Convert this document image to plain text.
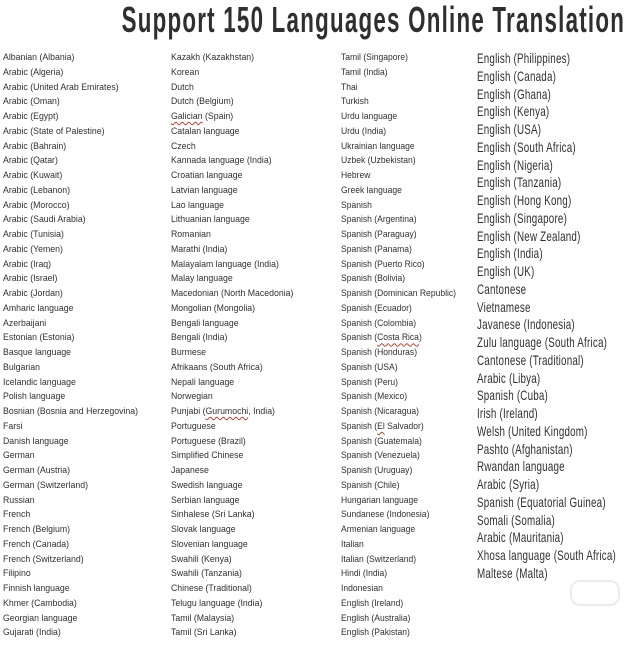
Support 150 Languages Online Translation
Albanian (Albania)
Arabic (Algeria)
Arabic (United Arab Emirates)
Arabic (Oman)
Arabic (Egypt)
Arabic (State of Palestine)
Arabic (Bahrain)
Arabic (Qatar)
Arabic (Kuwait)
Arabic (Lebanon)
Arabic (Morocco)
Arabic (Saudi Arabia)
Arabic (Tunisia)
Arabic (Yemen)
Arabic (Iraq)
Arabic (Israel)
Arabic (Jordan)
Amharic language
Azerbaijani
Estonian (Estonia)
Basque language
Bulgarian
Icelandic language
Polish language
Bosnian (Bosnia and Herzegovina)
Farsi
Danish language
German
German (Austria)
German (Switzerland)
Russian
French
French (Belgium)
French (Canada)
French (Switzerland)
Filipino
Finnish language
Khmer (Cambodia)
Georgian language
Gujarati (India)
Kazakh (Kazakhstan)
Korean
Dutch
Dutch (Belgium)
Galician (Spain)
Catalan language
Czech
Kannada language (India)
Croatian language
Latvian language
Lao language
Lithuanian language
Romanian
Marathi (India)
Malayalam language (India)
Malay language
Macedonian (North Macedonia)
Mongolian (Mongolia)
Bengali language
Bengali (India)
Burmese
Afrikaans (South Africa)
Nepali language
Norwegian
Punjabi (Gurumochi, India)
Portuguese
Portuguese (Brazil)
Simplified Chinese
Japanese
Swedish language
Serbian language
Sinhalese (Sri Lanka)
Slovak language
Slovenian language
Swahili (Kenya)
Swahili (Tanzania)
Chinese (Traditional)
Telugu language (India)
Tamil (Malaysia)
Tamil (Sri Lanka)
Tamil (Singapore)
Tamil (India)
Thai
Turkish
Urdu language
Urdu (India)
Ukrainian language
Uzbek (Uzbekistan)
Hebrew
Greek language
Spanish
Spanish (Argentina)
Spanish (Paraguay)
Spanish (Panama)
Spanish (Puerto Rico)
Spanish (Bolivia)
Spanish (Dominican Republic)
Spanish (Ecuador)
Spanish (Colombia)
Spanish (Costa Rica)
Spanish (Honduras)
Spanish (USA)
Spanish (Peru)
Spanish (Mexico)
Spanish (Nicaragua)
Spanish (El Salvador)
Spanish (Guatemala)
Spanish (Venezuela)
Spanish (Uruguay)
Spanish (Chile)
Hungarian language
Sundanese (Indonesia)
Armenian language
Italian
Italian (Switzerland)
Hindi (India)
Indonesian
English (Ireland)
English (Australia)
English (Pakistan)
English (Philippines)
English (Canada)
English (Ghana)
English (Kenya)
English (USA)
English (South Africa)
English (Nigeria)
English (Tanzania)
English (Hong Kong)
English (Singapore)
English (New Zealand)
English (India)
English (UK)
Cantonese
Vietnamese
Javanese (Indonesia)
Zulu language (South Africa)
Cantonese (Traditional)
Arabic (Libya)
Spanish (Cuba)
Irish (Ireland)
Welsh (United Kingdom)
Pashto (Afghanistan)
Rwandan language
Arabic (Syria)
Spanish (Equatorial Guinea)
Somali (Somalia)
Arabic (Mauritania)
Xhosa language (South Africa)
Maltese (Malta)
